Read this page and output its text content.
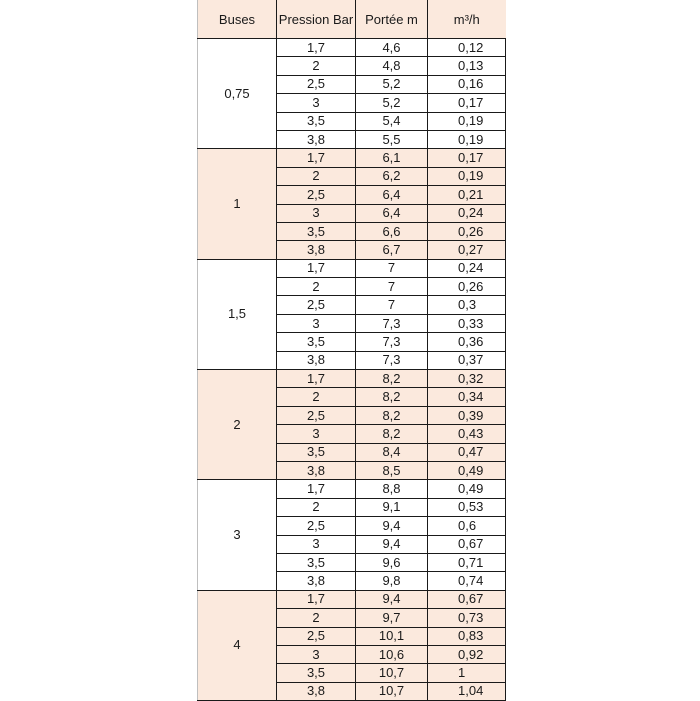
Buses	Pression Bar	Portée m	m³/h
0,75	1,7	4,6	0,12
	2	4,8	0,13
	2,5	5,2	0,16
	3	5,2	0,17
	3,5	5,4	0,19
	3,8	5,5	0,19
1	1,7	6,1	0,17
	2	6,2	0,19
	2,5	6,4	0,21
	3	6,4	0,24
	3,5	6,6	0,26
	3,8	6,7	0,27
1,5	1,7	7	0,24
	2	7	0,26
	2,5	7	0,3
	3	7,3	0,33
	3,5	7,3	0,36
	3,8	7,3	0,37
2	1,7	8,2	0,32
	2	8,2	0,34
	2,5	8,2	0,39
	3	8,2	0,43
	3,5	8,4	0,47
	3,8	8,5	0,49
3	1,7	8,8	0,49
	2	9,1	0,53
	2,5	9,4	0,6
	3	9,4	0,67
	3,5	9,6	0,71
	3,8	9,8	0,74
4	1,7	9,4	0,67
	2	9,7	0,73
	2,5	10,1	0,83
	3	10,6	0,92
	3,5	10,7	1
	3,8	10,7	1,04
